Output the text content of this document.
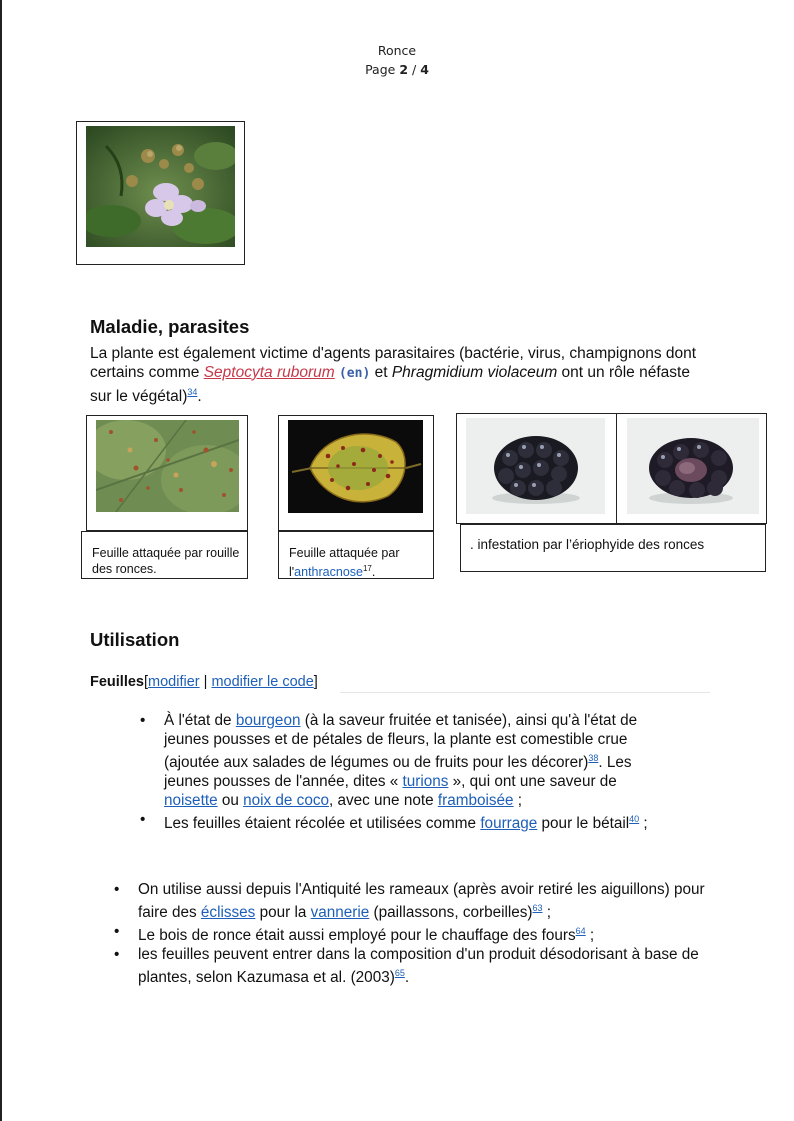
Ronce
Page 2 / 4
Maladie, parasites

La plante est également victime d'agents parasitaires (bactérie, virus, champignons dont certains comme Septocyta ruborum (en) et Phragmidium violaceum ont un rôle néfaste sur le végétal)$^{34}$.

Feuille attaquée par rouille des ronces.
Feuille attaquée par l'anthracnose$^{17}$.
. infestation par l’ériophyide des ronces
Utilisation
Feuilles[modifier | modifier le code]
• À l'état de bourgeon (à la saveur fruitée et tanisée), ainsi qu'à l'état de jeunes pousses et de pétales de fleurs, la plante est comestible crue (ajoutée aux salades de légumes ou de fruits pour les décorer)$^{38}$. Les jeunes pousses de l'année, dites « turions », qui ont une saveur de noisette ou noix de coco, avec une note framboisée ;
• Les feuilles étaient récolée et utilisées comme fourrage pour le bétail$^{40}$ ;
• On utilise aussi depuis l'Antiquité les rameaux (après avoir retiré les aiguillons) pour faire des éclisses pour la vannerie (paillassons, corbeilles)$^{63}$ ;
• Le bois de ronce était aussi employé pour le chauffage des fours$^{64}$ ;
• les feuilles peuvent entrer dans la composition d'un produit désodorisant à base de plantes, selon Kazumasa et al. (2003)$^{65}$.
